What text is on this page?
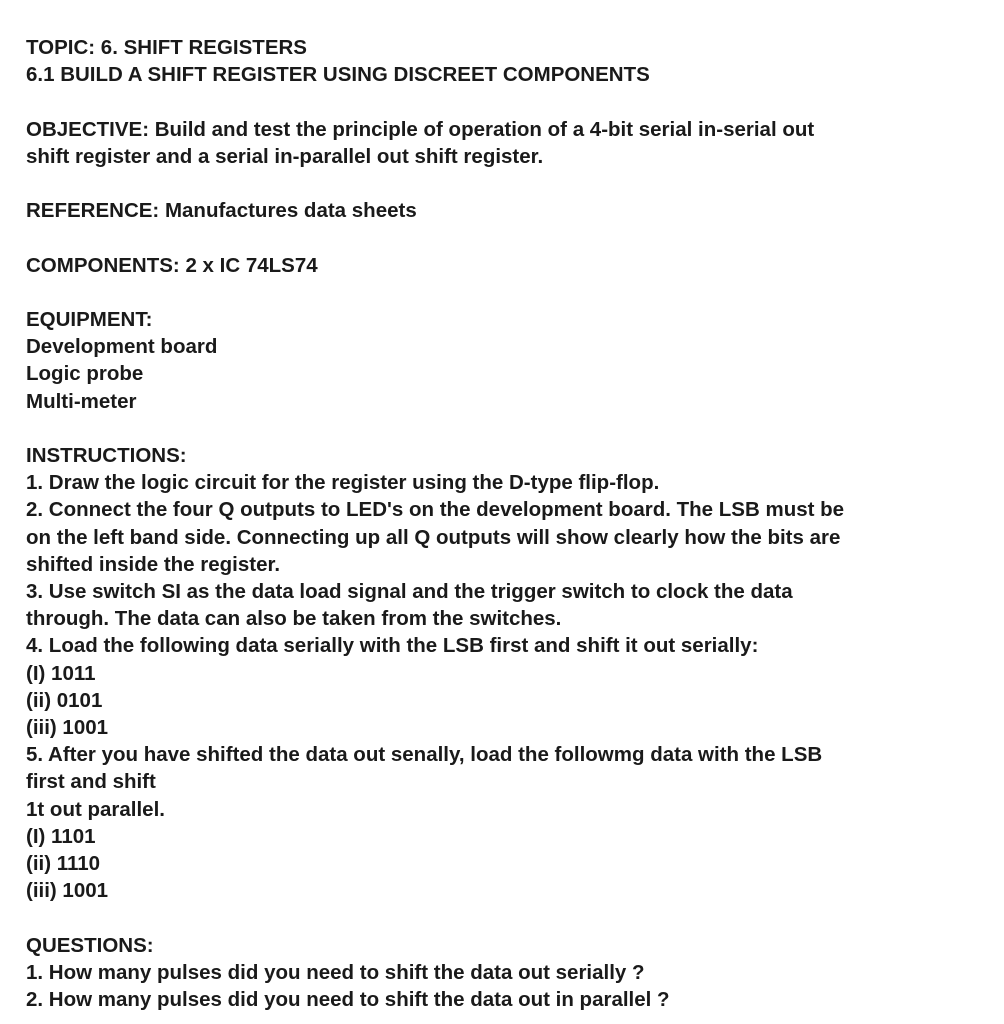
TOPIC: 6. SHIFT REGISTERS
6.1 BUILD A SHIFT REGISTER USING DISCREET COMPONENTS
OBJECTIVE: Build and test the principle of operation of a 4-bit serial in-serial out
shift register and a serial in-parallel out shift register.
REFERENCE: Manufactures data sheets
COMPONENTS: 2 x IC 74LS74
EQUIPMENT:
Development board
Logic probe
Multi-meter
INSTRUCTIONS:
1. Draw the logic circuit for the register using the D-type flip-flop.
2. Connect the four Q outputs to LED's on the development board. The LSB must be
on the left band side. Connecting up all Q outputs will show clearly how the bits are
shifted inside the register.
3. Use switch SI as the data load signal and the trigger switch to clock the data
through. The data can also be taken from the switches.
4. Load the following data serially with the LSB first and shift it out serially:
(I) 1011
(ii) 0101
(iii) 1001
5. After you have shifted the data out senally, load the followmg data with the LSB
first and shift
1t out parallel.
(I) 1101
(ii) 1110
(iii) 1001
QUESTIONS:
1. How many pulses did you need to shift the data out serially ?
2. How many pulses did you need to shift the data out in parallel ?
